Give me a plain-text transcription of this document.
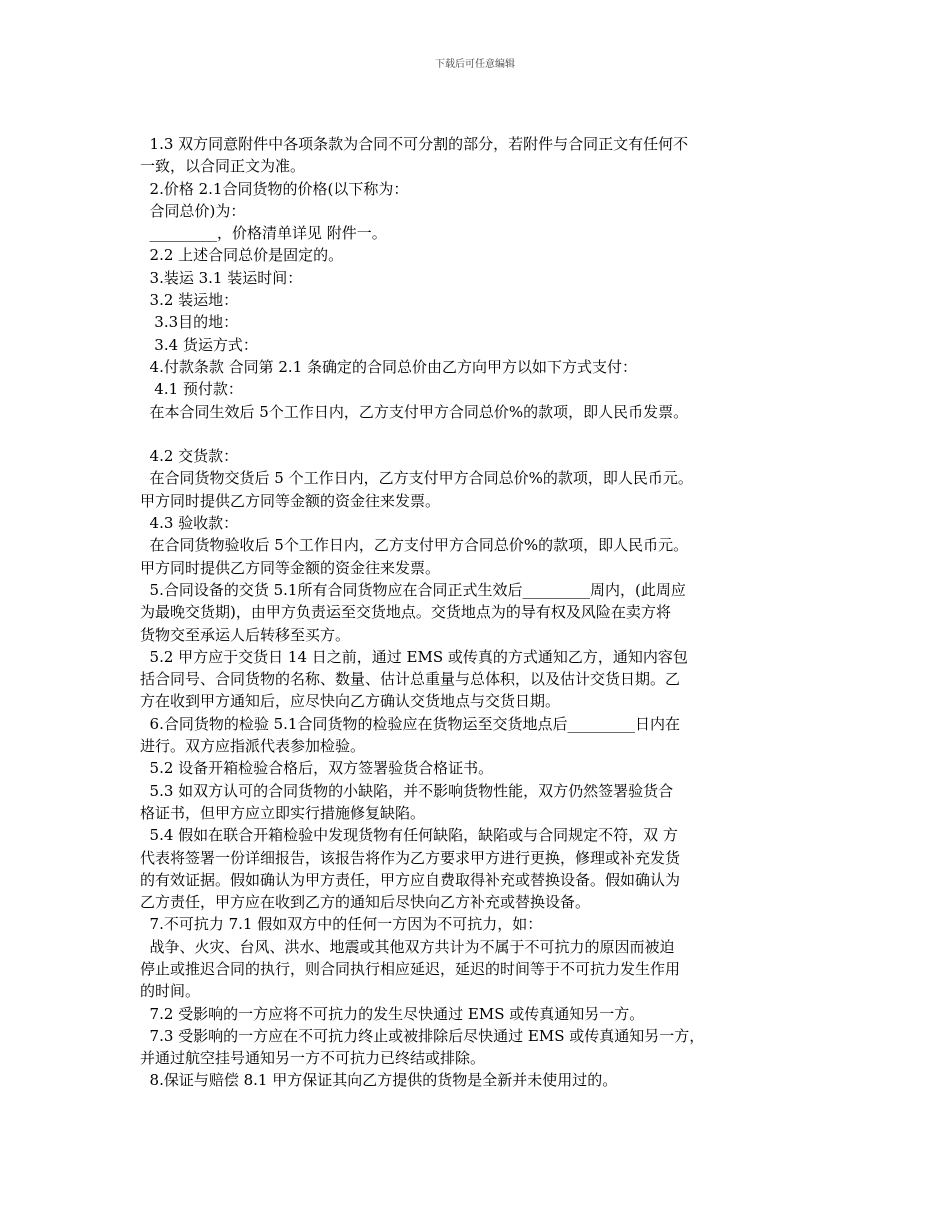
下载后可任意编辑
1.3 双方同意附件中各项条款为合同不可分割的部分，若附件与合同正文有任何不
一致，以合同正文为准。
2.价格 2.1合同货物的价格(以下称为：
合同总价)为：
_________，价格清单详见 附件一。
2.2 上述合同总价是固定的。
3.装运 3.1 装运时间：
3.2 装运地：
3.3目的地：
3.4 货运方式：
4.付款条款 合同第 2.1 条确定的合同总价由乙方向甲方以如下方式支付：
4.1 预付款：
在本合同生效后 5个工作日内，乙方支付甲方合同总价%的款项，即人民币发票。
4.2 交货款：
在合同货物交货后 5 个工作日内，乙方支付甲方合同总价%的款项，即人民币元。
甲方同时提供乙方同等金额的资金往来发票。
4.3 验收款：
在合同货物验收后 5个工作日内，乙方支付甲方合同总价%的款项，即人民币元。
甲方同时提供乙方同等金额的资金往来发票。
5.合同设备的交货 5.1所有合同货物应在合同正式生效后_________周内，(此周应
为最晚交货期)，由甲方负责运至交货地点。交货地点为的导有权及风险在卖方将
货物交至承运人后转移至买方。
5.2 甲方应于交货日 14 日之前，通过 EMS 或传真的方式通知乙方，通知内容包
括合同号、合同货物的名称、数量、估计总重量与总体积，以及估计交货日期。乙
方在收到甲方通知后，应尽快向乙方确认交货地点与交货日期。
6.合同货物的检验 5.1合同货物的检验应在货物运至交货地点后_________日内在
进行。双方应指派代表参加检验。
5.2 设备开箱检验合格后，双方签署验货合格证书。
5.3 如双方认可的合同货物的小缺陷，并不影响货物性能，双方仍然签署验货合
格证书，但甲方应立即实行措施修复缺陷。
5.4 假如在联合开箱检验中发现货物有任何缺陷，缺陷或与合同规定不符，双 方
代表将签署一份详细报告，该报告将作为乙方要求甲方进行更换，修理或补充发货
的有效证据。假如确认为甲方责任，甲方应自费取得补充或替换设备。假如确认为
乙方责任，甲方应在收到乙方的通知后尽快向乙方补充或替换设备。
7.不可抗力 7.1 假如双方中的任何一方因为不可抗力，如：
战争、火灾、台风、洪水、地震或其他双方共计为不属于不可抗力的原因而被迫
停止或推迟合同的执行，则合同执行相应延迟，延迟的时间等于不可抗力发生作用
的时间。
7.2 受影响的一方应将不可抗力的发生尽快通过 EMS 或传真通知另一方。
7.3 受影响的一方应在不可抗力终止或被排除后尽快通过 EMS 或传真通知另一方，
并通过航空挂号通知另一方不可抗力已终结或排除。
8.保证与赔偿 8.1 甲方保证其向乙方提供的货物是全新并未使用过的。
